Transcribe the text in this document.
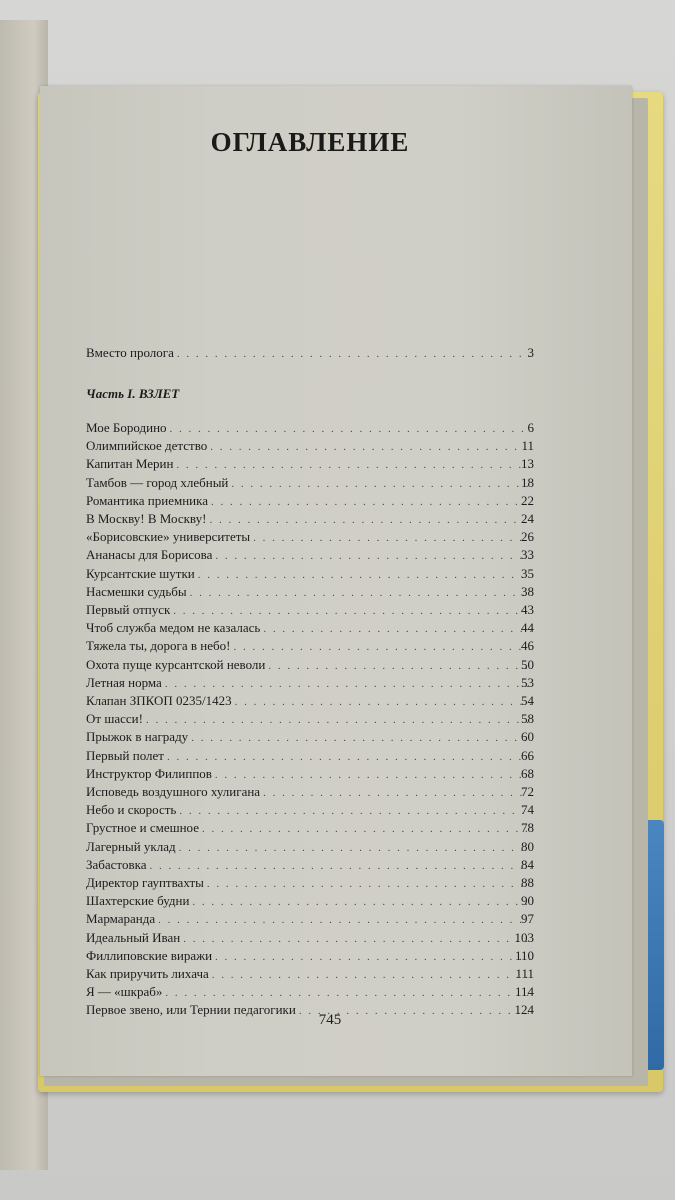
ОГЛАВЛЕНИЕ
Вместо пролога . . .	3
Часть I. ВЗЛЕТ
Мое Бородино . . .	6
Олимпийское детство . . .	11
Капитан Мерин . . .	13
Тамбов — город хлебный . . .	18
Романтика приемника . . .	22
В Москву! В Москву! . . .	24
«Борисовские» университеты . . .	26
Ананасы для Борисова . . .	33
Курсантские шутки . . .	35
Насмешки судьбы . . .	38
Первый отпуск . . .	43
Чтоб служба медом не казалась . . .	44
Тяжела ты, дорога в небо! . . .	46
Охота пуще курсантской неволи . . .	50
Летная норма . . .	53
Клапан ЗПКОП 0235/1423 . . .	54
От шасси! . . .	58
Прыжок в награду . . .	60
Первый полет . . .	66
Инструктор Филиппов . . .	68
Исповедь воздушного хулигана . . .	72
Небо и скорость . . .	74
Грустное и смешное . . .	78
Лагерный уклад . . .	80
Забастовка . . .	84
Директор гауптвахты . . .	88
Шахтерские будни . . .	90
Мармаранда . . .	97
Идеальный Иван . . .	103
Филлиповские виражи . . .	110
Как приручить лихача . . .	111
Я — «шкраб» . . .	114
Первое звено, или Тернии педагогики . . .	124
745
